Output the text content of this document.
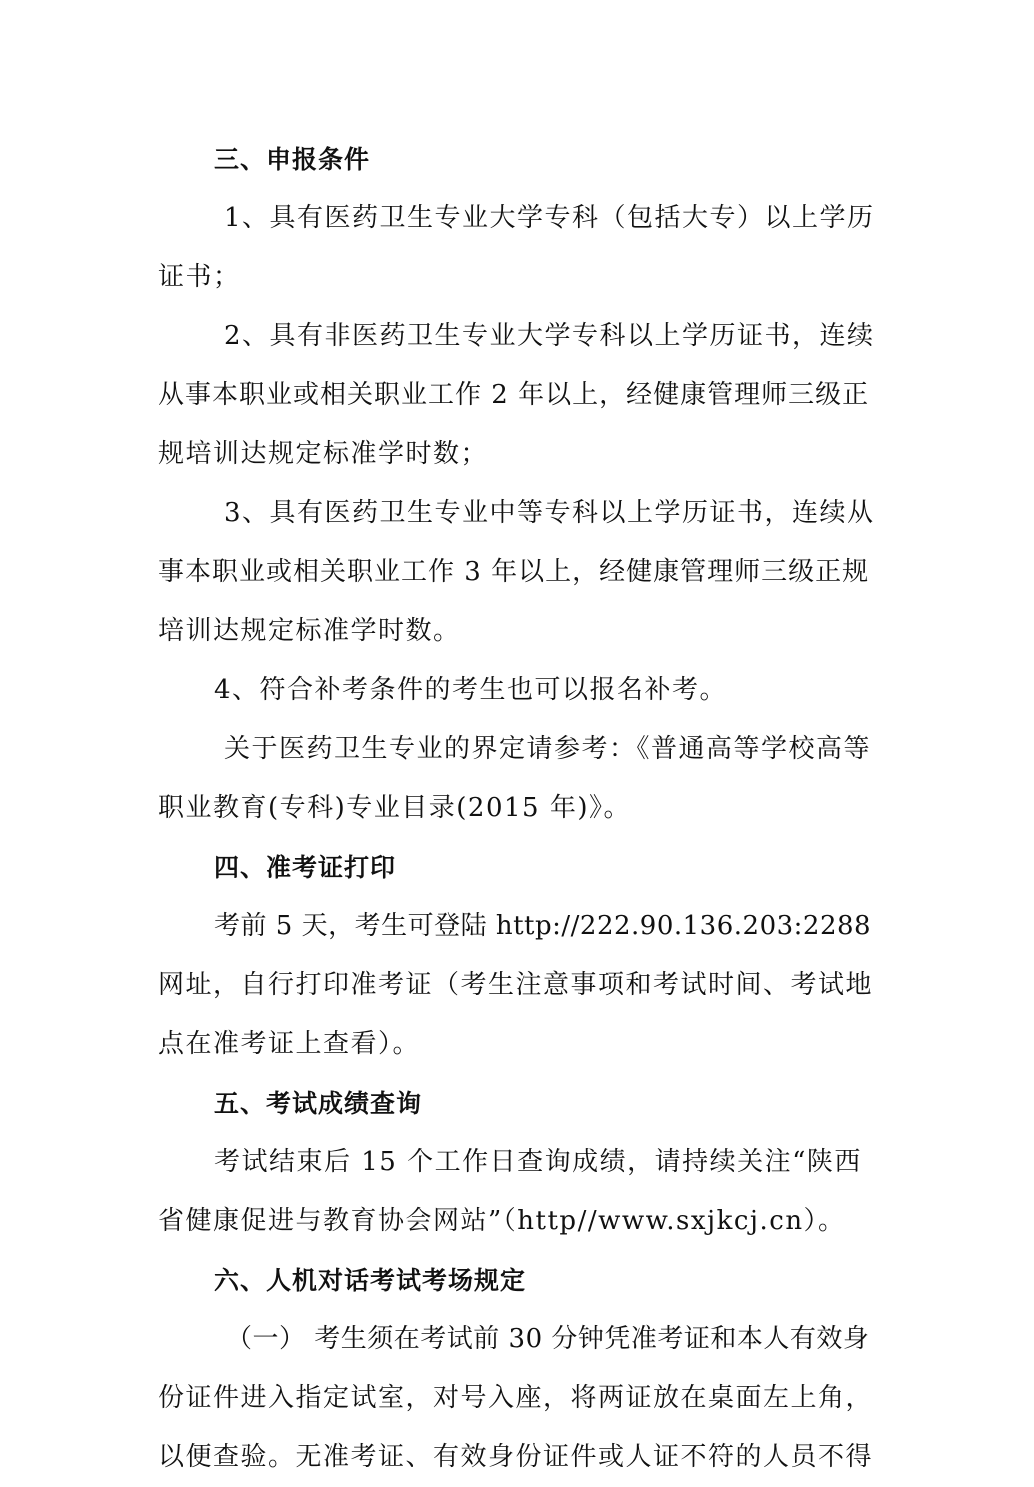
三、申报条件
1、具有医药卫生专业大学专科（包括大专）以上学历
证书；
2、具有非医药卫生专业大学专科以上学历证书，连续
从事本职业或相关职业工作 2 年以上，经健康管理师三级正
规培训达规定标准学时数；
3、具有医药卫生专业中等专科以上学历证书，连续从
事本职业或相关职业工作 3 年以上，经健康管理师三级正规
培训达规定标准学时数。
4、符合补考条件的考生也可以报名补考。
关于医药卫生专业的界定请参考：《普通高等学校高等
职业教育(专科)专业目录(2015 年)》。
四、准考证打印
考前 5 天，考生可登陆 http://222.90.136.203:2288
网址，自行打印准考证（考生注意事项和考试时间、考试地
点在准考证上查看）。
五、考试成绩查询
考试结束后 15 个工作日查询成绩，请持续关注“陕西
省健康促进与教育协会网站”（http//www.sxjkcj.cn）。
六、人机对话考试考场规定
（一） 考生须在考试前 30 分钟凭准考证和本人有效身
份证件进入指定试室，对号入座，将两证放在桌面左上角，
以便查验。无准考证、有效身份证件或人证不符的人员不得
